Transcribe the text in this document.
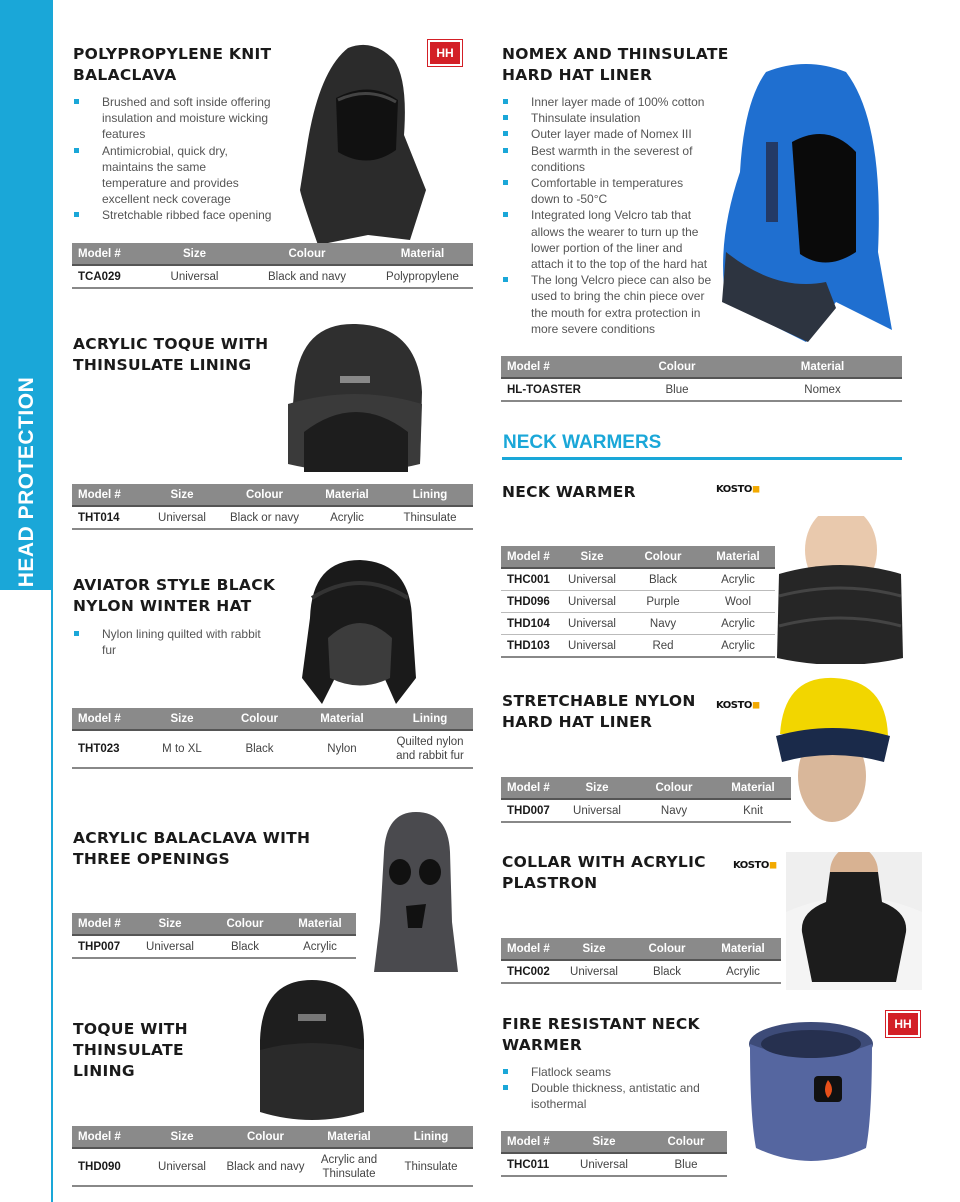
HEAD PROTECTION
POLYPROPYLENE KNIT
BALACLAVA
Brushed and soft inside offering insulation and moisture wicking features
Antimicrobial, quick dry, maintains the same temperature and provides excellent neck coverage
Stretchable ribbed face opening
HH
Model #	Size	Colour	Material
TCA029	Universal	Black and navy	Polypropylene
ACRYLIC TOQUE WITH
THINSULATE LINING
Model #	Size	Colour	Material	Lining
THT014	Universal	Black or navy	Acrylic	Thinsulate
AVIATOR STYLE BLACK
NYLON WINTER HAT
Nylon lining quilted with rabbit fur
Model #	Size	Colour	Material	Lining
THT023	M to XL	Black	Nylon	Quilted nylon and rabbit fur
ACRYLIC BALACLAVA WITH
THREE OPENINGS
Model #	Size	Colour	Material
THP007	Universal	Black	Acrylic
TOQUE WITH
THINSULATE
LINING
Model #	Size	Colour	Material	Lining
THD090	Universal	Black and navy	Acrylic and Thinsulate	Thinsulate
NOMEX AND THINSULATE
HARD HAT LINER
Inner layer made of 100% cotton
Thinsulate insulation
Outer layer made of Nomex III
Best warmth in the severest of conditions
Comfortable in temperatures down to -50°C
Integrated long Velcro tab that allows the wearer to turn up the lower portion of the liner and attach it to the top of the hard hat
The long Velcro piece can also be used to bring the chin piece over the mouth for extra protection in more severe conditions
Model #	Colour	Material
HL-TOASTER	Blue	Nomex
NECK WARMERS
NECK WARMER	KOSTO◼
Model #	Size	Colour	Material
THC001	Universal	Black	Acrylic
THD096	Universal	Purple	Wool
THD104	Universal	Navy	Acrylic
THD103	Universal	Red	Acrylic
STRETCHABLE NYLON
HARD HAT LINER
KOSTO◼
Model #	Size	Colour	Material
THD007	Universal	Navy	Knit
COLLAR WITH ACRYLIC
PLASTRON
KOSTO◼
Model #	Size	Colour	Material
THC002	Universal	Black	Acrylic
FIRE RESISTANT NECK
WARMER
Flatlock seams
Double thickness, antistatic and isothermal
HH
Model #	Size	Colour
THC011	Universal	Blue
